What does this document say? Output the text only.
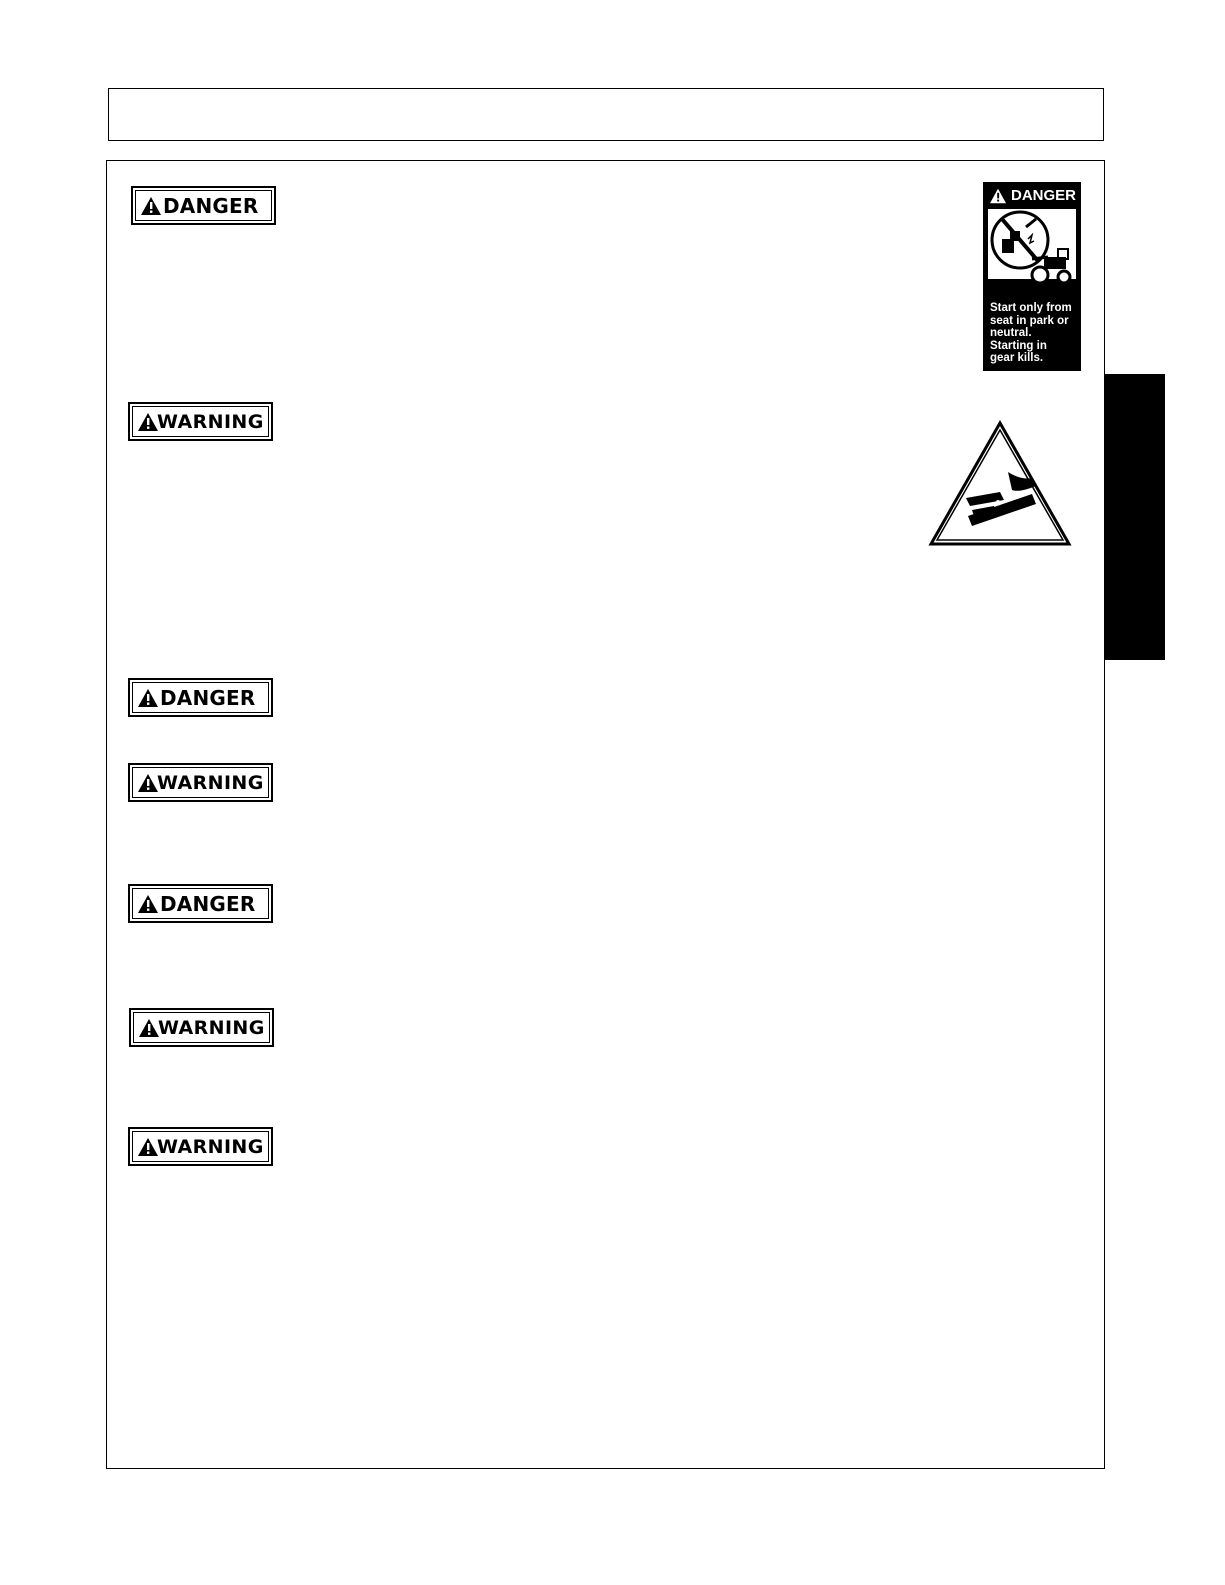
DANGER
WARNING
DANGER
WARNING
DANGER
WARNING
WARNING
DANGER
Start only from
seat in park or
neutral.
Starting in
gear kills.
